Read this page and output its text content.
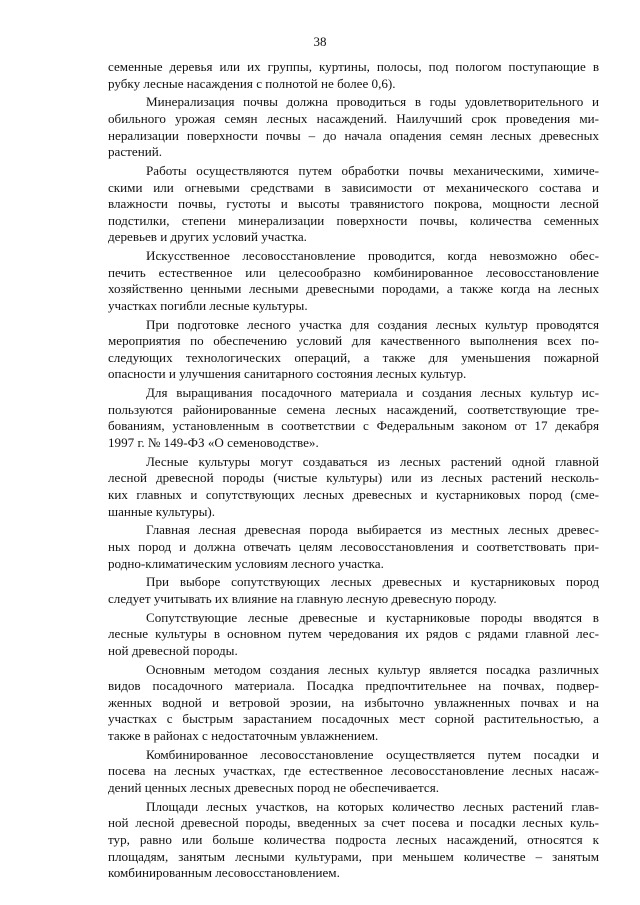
38
семенные деревья или их группы, куртины, полосы, под пологом поступающие в
рубку лесные насаждения с полнотой не более 0,6).
Минерализация почвы должна проводиться в годы удовлетворительного и
обильного урожая семян лесных насаждений. Наилучший срок проведения ми-
нерализации поверхности почвы – до начала опадения семян лесных древесных
растений.
Работы осуществляются путем обработки почвы механическими, химиче-
скими или огневыми средствами в зависимости от механического состава и
влажности почвы, густоты и высоты травянистого покрова, мощности лесной
подстилки, степени минерализации поверхности почвы, количества семенных
деревьев и других условий участка.
Искусственное лесовосстановление проводится, когда невозможно обес-
печить естественное или целесообразно комбинированное лесовосстановление
хозяйственно ценными лесными древесными породами, а также когда на лесных
участках погибли лесные культуры.
При подготовке лесного участка для создания лесных культур проводятся
мероприятия по обеспечению условий для качественного выполнения всех по-
следующих технологических операций, а также для уменьшения пожарной
опасности и улучшения санитарного состояния лесных культур.
Для выращивания посадочного материала и создания лесных культур ис-
пользуются районированные семена лесных насаждений, соответствующие тре-
бованиям, установленным в соответствии с Федеральным законом от 17 декабря
1997 г. № 149-ФЗ «О семеноводстве».
Лесные культуры могут создаваться из лесных растений одной главной
лесной древесной породы (чистые культуры) или из лесных растений несколь-
ких главных и сопутствующих лесных древесных и кустарниковых пород (сме-
шанные культуры).
Главная лесная древесная порода выбирается из местных лесных древес-
ных пород и должна отвечать целям лесовосстановления и соответствовать при-
родно-климатическим условиям лесного участка.
При выборе сопутствующих лесных древесных и кустарниковых пород
следует учитывать их влияние на главную лесную древесную породу.
Сопутствующие лесные древесные и кустарниковые породы вводятся в
лесные культуры в основном путем чередования их рядов с рядами главной лес-
ной древесной породы.
Основным методом создания лесных культур является посадка различных
видов посадочного материала. Посадка предпочтительнее на почвах, подвер-
женных водной и ветровой эрозии, на избыточно увлажненных почвах и на
участках с быстрым зарастанием посадочных мест сорной растительностью, а
также в районах с недостаточным увлажнением.
Комбинированное лесовосстановление осуществляется путем посадки и
посева на лесных участках, где естественное лесовосстановление лесных насаж-
дений ценных лесных древесных пород не обеспечивается.
Площади лесных участков, на которых количество лесных растений глав-
ной лесной древесной породы, введенных за счет посева и посадки лесных куль-
тур, равно или больше количества подроста лесных насаждений, относятся к
площадям, занятым лесными культурами, при меньшем количестве – занятым
комбинированным лесовосстановлением.
